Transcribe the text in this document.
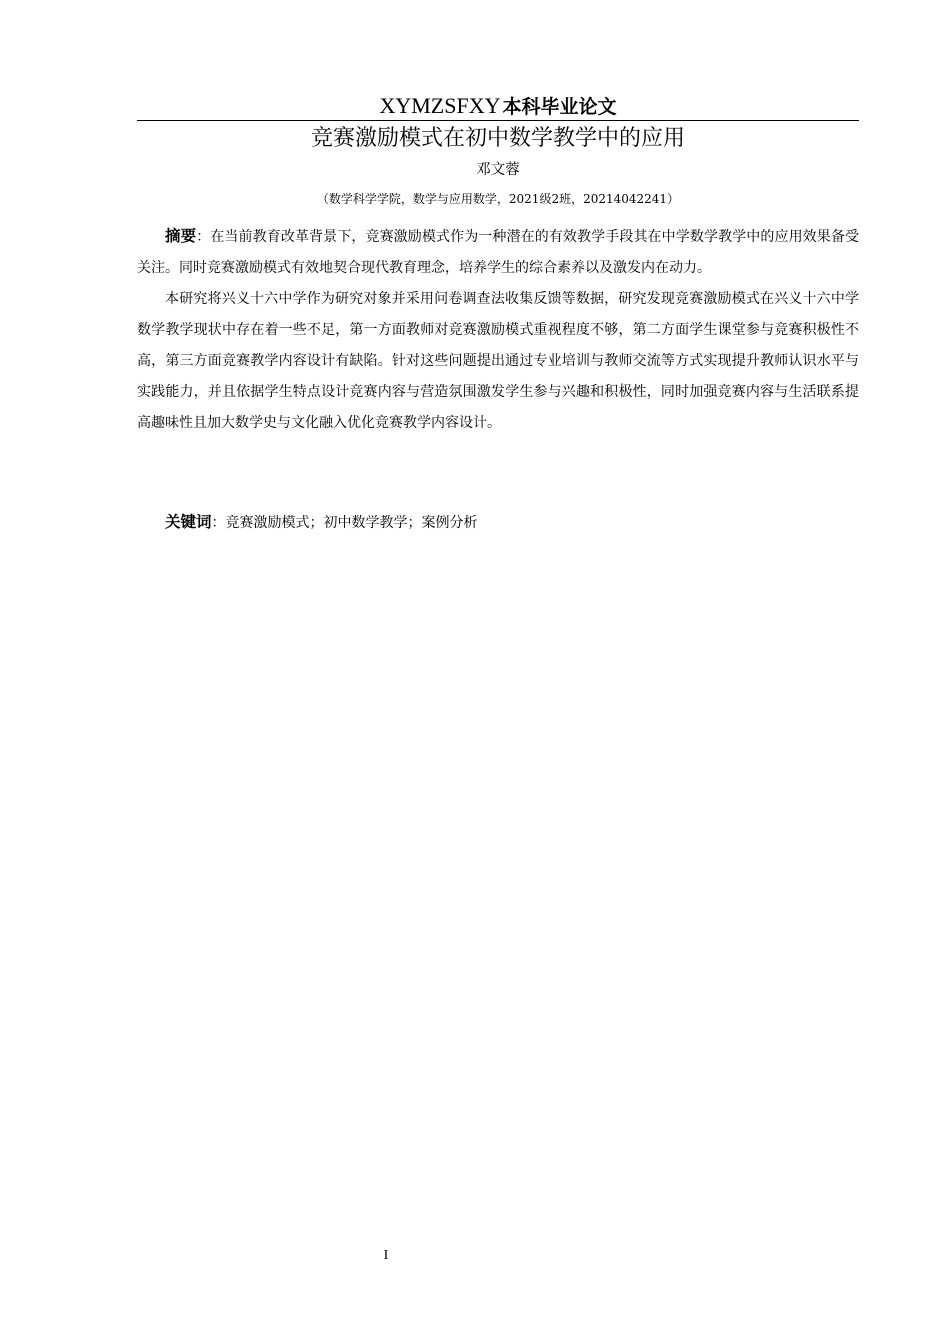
XYMZSFXY 本科毕业论文
竞赛激励模式在初中数学教学中的应用
邓文蓉
（数学科学学院，数学与应用数学，2021级2班，20214042241）

摘要：在当前教育改革背景下，竞赛激励模式作为一种潜在的有效教学手段其在中学数学教学中的应用效果备受关注。同时竞赛激励模式有效地契合现代教育理念，培养学生的综合素养以及激发内在动力。

本研究将兴义十六中学作为研究对象并采用问卷调查法收集反馈等数据，研究发现竞赛激励模式在兴义十六中学数学教学现状中存在着一些不足，第一方面教师对竞赛激励模式重视程度不够，第二方面学生课堂参与竞赛积极性不高，第三方面竞赛教学内容设计有缺陷。针对这些问题提出通过专业培训与教师交流等方式实现提升教师认识水平与实践能力，并且依据学生特点设计竞赛内容与营造氛围激发学生参与兴趣和积极性，同时加强竞赛内容与生活联系提高趣味性且加大数学史与文化融入优化竞赛教学内容设计。

关键词：竞赛激励模式；初中数学教学；案例分析
I
